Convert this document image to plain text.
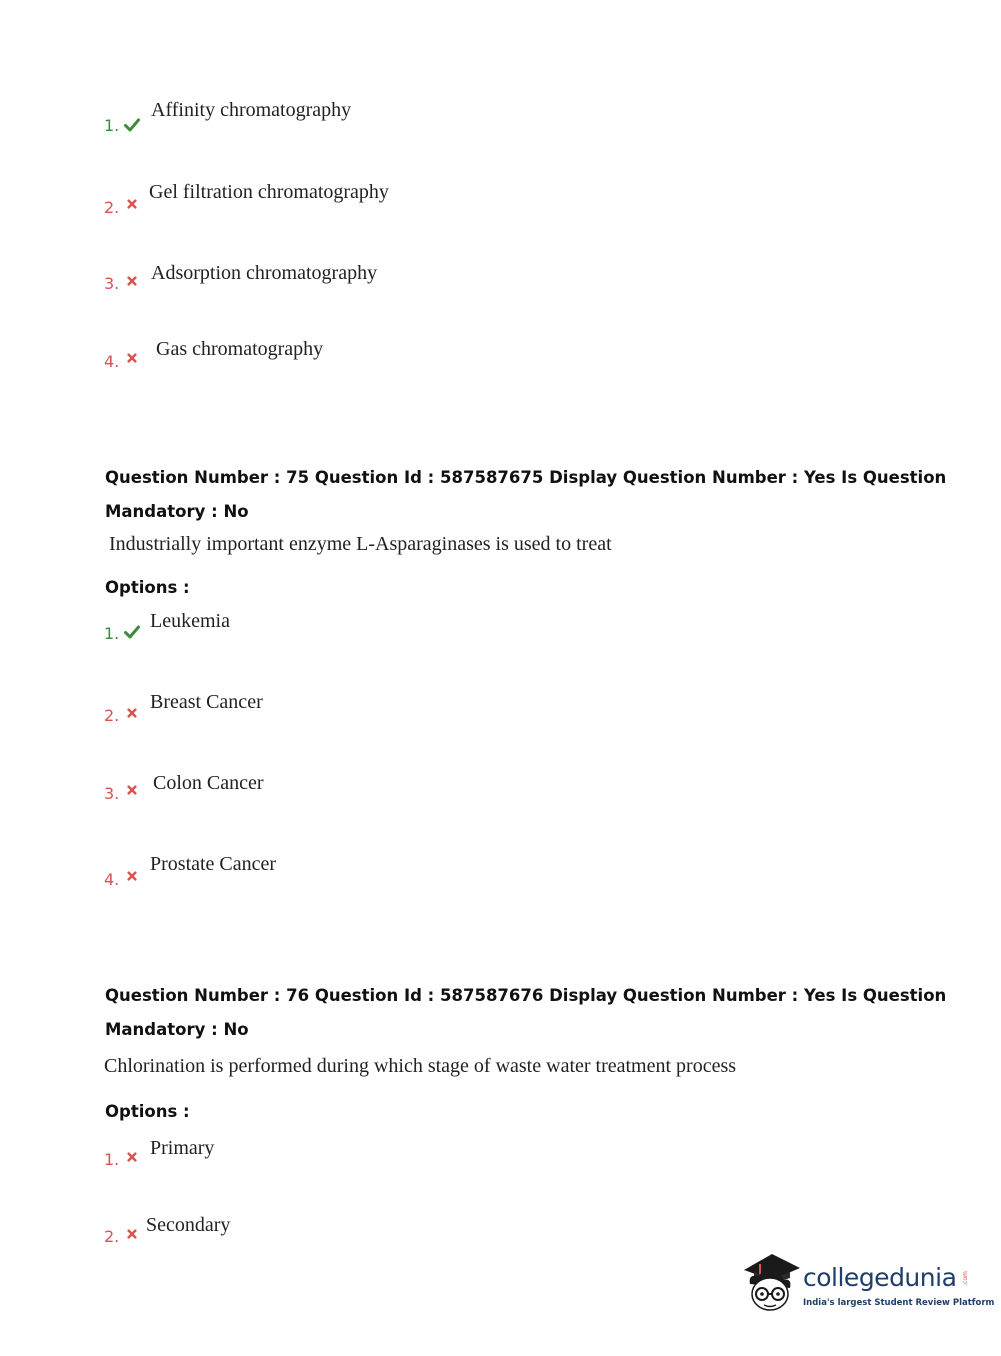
1.
Affinity chromatography
2.
Gel filtration chromatography
3. Adsorption chromatography
4.
Gas chromatography
Question Number : 75 Question Id : 587587675 Display Question Number : Yes Is Question
Mandatory : No
Industrially important enzyme L-Asparaginases is used to treat
Options :
1.
Leukemia
2.
Breast Cancer
3. Colon Cancer
4.
Prostate Cancer
Question Number : 76 Question Id : 587587676 Display Question Number : Yes Is Question
Mandatory : No
Chlorination is performed during which stage of waste water treatment process
Options :
1.
Primary
2.
Secondary
collegedunia .com
India's largest Student Review Platform
